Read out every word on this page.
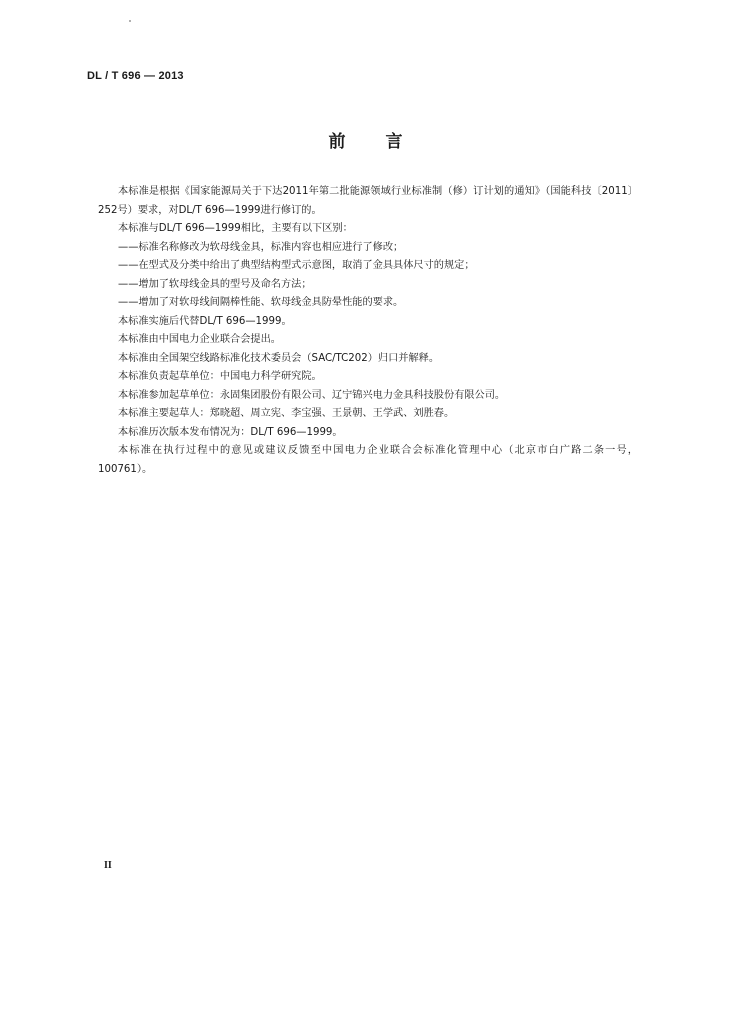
DL / T 696 — 2013
前言

本标准是根据《国家能源局关于下达2011年第二批能源领域行业标准制（修）订计划的通知》（国能科技〔2011〕252号）要求，对DL/T 696—1999进行修订的。

本标准与DL/T 696—1999相比，主要有以下区别：

——标准名称修改为软母线金具，标准内容也相应进行了修改；

——在型式及分类中给出了典型结构型式示意图，取消了金具具体尺寸的规定；

——增加了软母线金具的型号及命名方法；

——增加了对软母线间隔棒性能、软母线金具防晕性能的要求。

本标准实施后代替DL/T 696—1999。

本标准由中国电力企业联合会提出。

本标准由全国架空线路标准化技术委员会（SAC/TC202）归口并解释。

本标准负责起草单位：中国电力科学研究院。

本标准参加起草单位：永固集团股份有限公司、辽宁锦兴电力金具科技股份有限公司。

本标准主要起草人：郑晓超、周立宪、李宝强、王景朝、王学武、刘胜春。

本标准历次版本发布情况为：DL/T 696—1999。

本标准在执行过程中的意见或建议反馈至中国电力企业联合会标准化管理中心（北京市白广路二条一号，100761）。

II
